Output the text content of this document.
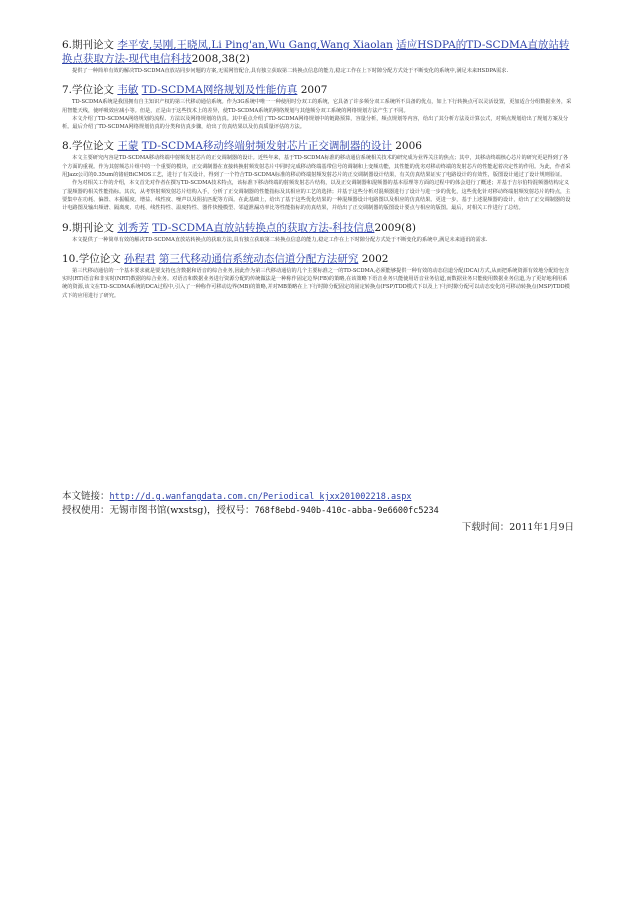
6.期刊论文 李平安,吴刚,王晓凤,Li Ping'an,Wu Gang,Wang Xiaolan 适应HSDPA的TD-SCDMA直放站转换点获取方法-现代电信科技2008,38(2)

提供了一种简单有效的解决TD-SCDMA直放站同步问题的方案,无需网管配合,具有独立获取第二转换点信息的能力,稳定工作在上下时隙分配方式处于不断变化的系统中,满足未来HSDPA需求.

7.学位论文 韦敏 TD-SCDMA网络规划及性能仿真 2007

TD-SCDMA系统是我国拥有自主知识产权的第三代移动通信系统。作为3G系统中唯一一种使用时分双工的系统，它具备了许多频分双工系统所不具备的优点，如上下行转换点可以灵活设置，更加适合分组数据业务，采用智能天线，使呼吸效应减小等。但是，正是由于这些技术上的差异，使TD-SCDMA系统的网络规划与其他频分双工系统的网络规划方法产生了不同。

本文介绍了TD-SCDMA网络规划的流程、方法以及网络规划的仿真。其中重点介绍了TD-SCDMA网络规划中的链路预算，容量分析，频点规划等内容，给出了其分析方法及计算公式，对频点规划给出了规划方案及分析。最后介绍了TD-SCDMA网络规划仿真的分类和仿真步骤，给出了仿真结果以及仿真质量评估的方法。

8.学位论文 王蒙 TD-SCDMA移动终端射频发射芯片正交调制器的设计 2006

本文主要研究内容是TD-SCDMA移动终端中射频发射芯片的正交调制器的设计。近些年来，基于TD-SCDMA标准的移动通信系统相关技术的研究成为业界关注的焦点；其中，其移动终端核心芯片的研究更是得到了各个方面的重视。作为其射频芯片组中的一个重要的模块，正交调制器在直接转换射频发射芯片中同时完成移动终端基带信号的调制和上变频功能，其性能的优劣对移动终端的发射芯片的性能起着决定性的作用。为此，作者采用Jazz公司的0.35um的锗硅BiCMOS工艺，进行了有关设计，得到了一个符合TD-SCDMA标准的移动终端射频发射芯片的正交调制器设计结果，有关仿真结果证实了电路设计的有效性，版图设计通过了设计规则验证。

作为对相关工作的介绍，本文首先对作者在撰写TD-SCDMA技术特点，该标准下移动终端的射频发射芯片结构，以及正交调制器和混频器的基本原理等方面的过程中的体会进行了概述；并基于吉尔伯特混频器结构定义了混频器的相关性能指标。其次，从考察射频发射芯片结构入手，分析了正交调制器的性能指标及其相应的工艺的选择；并基于这些分析对混频器进行了设计与进一步的优化，这些优化针对移动终端射频发射芯片的特点，主要集中在功耗、偏置、本振幅度、增益、线性度、噪声以及阻抗匹配等方面。在此基础上，给出了基于这些优化结果的一种混频器设计电路图以及相应的仿真结果。更进一步，基于上述混频器的设计，给出了正交调制器的设计电路图及输出频谱、隔离度、功耗、线性特性、温度特性、器件快慢模型、邻道泄漏功率比等性能指标的仿真结果，并给出了正交调制器的版图设计要点与相应的版图。最后，对相关工作进行了总结。

9.期刊论文 刘秀芳 TD-SCDMA直放站转换点的获取方法-科技信息2009(8)

本文提供了一种简单有效的解决TD-SCDMA直放站转换点的获取方法,具有独立获取第二转换点信息的能力,稳定工作在上下时隙分配方式处于不断变化的系统中,满足未来通讯的需求.

10.学位论文 孙程君 第三代移动通信系统动态信道分配方法研究 2002

第三代移动通信的一个基本要求就是要支持包含数据和语音的综合业务,因此作为第三代移动通信的几个主要标准之一的TD-SCDMA,必须能够提供一种有效的动态信道分配(DCA)方式,从而把系统资源有效地分配给包含实时(RT)语音和非实时(NRT)数据的综合业务。对语音和数据业务进行资源分配的传统做法是一种称作固定边界(FB)的策略,在该策略下语音业务只能使用语音业务信道,而数据业务只能使用数据业务信道,为了更好地利用系统的资源,该文在TD-SCDMA系统的DCA过程中,引入了一种称作可移动边界(MB)的策略,并对MB策略在上下行时隙分配固定的固定转换点(FSP)TDD模式下以及上下行时隙分配可以动态变化的可移动转换点(MSP)TDD模式下的应用进行了研究。

本文链接：http://d.g.wanfangdata.com.cn/Periodical_kjxx201002218.aspx
授权使用：无锡市图书馆(wxstsg)，授权号：768f8ebd-940b-410c-abba-9e6600fc5234
下载时间：2011年1月9日
